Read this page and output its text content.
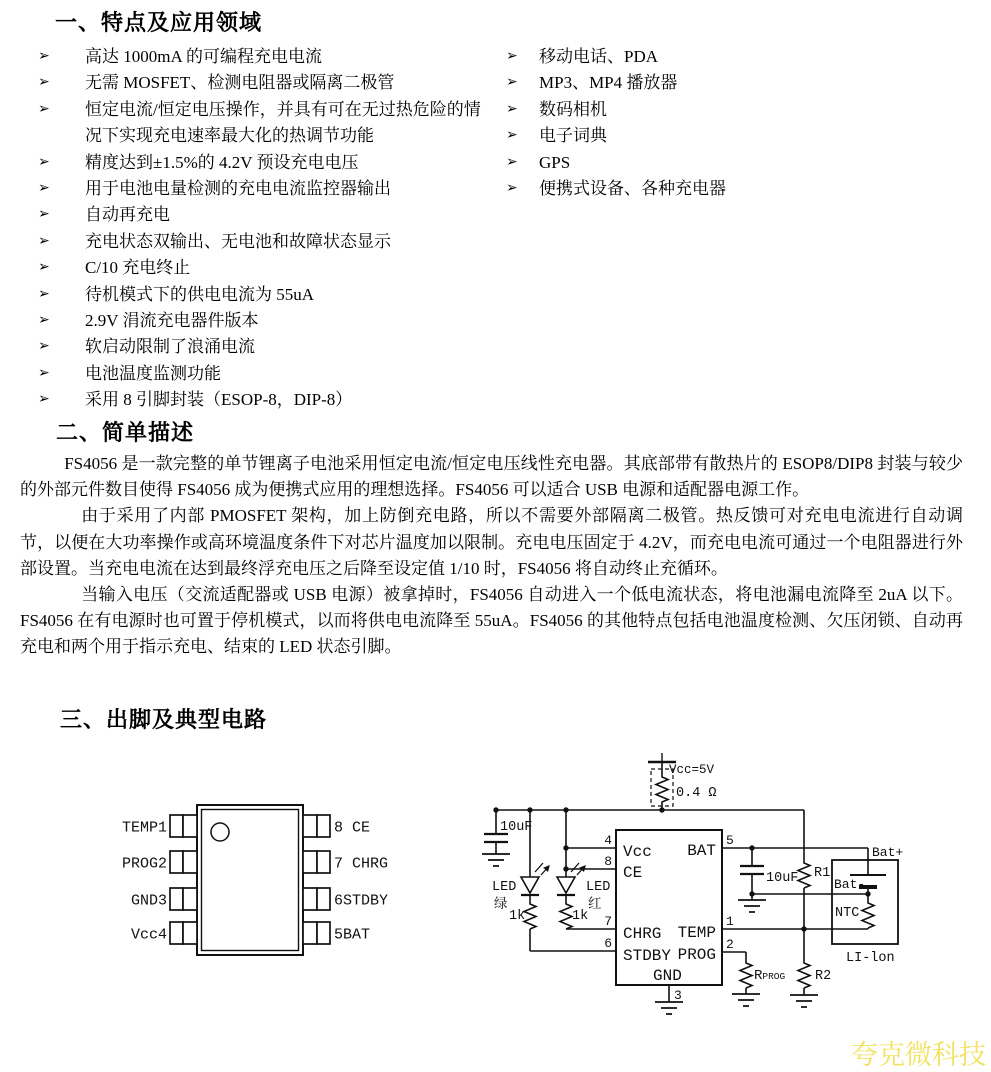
一、特点及应用领域
➢	高达 1000mA 的可编程充电电流
➢	无需 MOSFET、检测电阻器或隔离二极管
➢	恒定电流/恒定电压操作，并具有可在无过热危险的情况下实现充电速率最大化的热调节功能
➢	精度达到±1.5%的 4.2V 预设充电电压
➢	用于电池电量检测的充电电流监控器输出
➢	自动再充电
➢	充电状态双输出、无电池和故障状态显示
➢	C/10 充电终止
➢	待机模式下的供电电流为 55uA
➢	2.9V 涓流充电器件版本
➢	软启动限制了浪涌电流
➢	电池温度监测功能
➢	采用 8 引脚封装（ESOP-8，DIP-8）
➢	移动电话、PDA
➢	MP3、MP4 播放器
➢	数码相机
➢	电子词典
➢	GPS
➢	便携式设备、各种充电器
二、简单描述

FS4056 是一款完整的单节锂离子电池采用恒定电流/恒定电压线性充电器。其底部带有散热片的 ESOP8/DIP8 封装与较少的外部元件数目使得 FS4056 成为便携式应用的理想选择。FS4056 可以适合 USB 电源和适配器电源工作。

由于采用了内部 PMOSFET 架构，加上防倒充电路，所以不需要外部隔离二极管。热反馈可对充电电流进行自动调节，以便在大功率操作或高环境温度条件下对芯片温度加以限制。充电电压固定于 4.2V，而充电电流可通过一个电阻器进行外部设置。当充电电流在达到最终浮充电压之后降至设定值 1/10 时，FS4056 将自动终止充循环。

当输入电压（交流适配器或 USB 电源）被拿掉时，FS4056 自动进入一个低电流状态，将电池漏电流降至 2uA 以下。FS4056 在有电源时也可置于停机模式，以而将供电电流降至 55uA。FS4056 的其他特点包括电池温度检测、欠压闭锁、自动再充电和两个用于指示充电、结束的 LED 状态引脚。

三、出脚及典型电路
TEMP1
PROG2
GND3
Vcc4
8 CE
7 CHRG
6STDBY
5BAT
Vcc=5V
0.4 Ω
10uF
LED
绿
1k
LED
红
1k
4
8
7
6
5
1
2
3
Vcc
CE
CHRG
STDBY
GND
BAT
TEMP
PROG
10uF R1
R2
RPROG
Bat+
Bat-
NTC
LI-lon
夸克微科技
